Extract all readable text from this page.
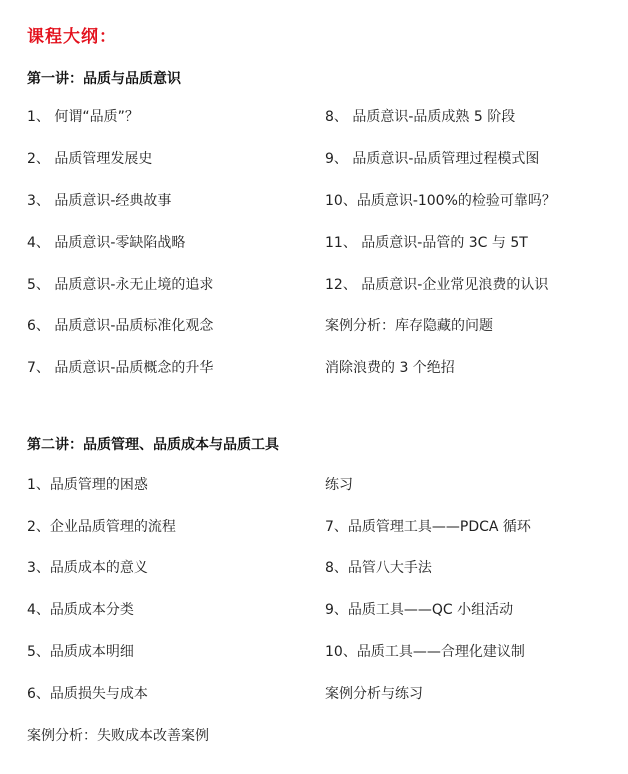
课程大纲：
第一讲：品质与品质意识
1、 何谓“品质”？
2、 品质管理发展史
3、 品质意识-经典故事
4、 品质意识-零缺陷战略
5、 品质意识-永无止境的追求
6、 品质意识-品质标准化观念
7、 品质意识-品质概念的升华
8、 品质意识-品质成熟 5 阶段
9、 品质意识-品质管理过程模式图
10、品质意识-100%的检验可靠吗？
11、 品质意识-品管的 3C 与 5T
12、 品质意识-企业常见浪费的认识
案例分析：库存隐藏的问题
消除浪费的 3 个绝招
第二讲：品质管理、品质成本与品质工具
1、品质管理的困惑
2、企业品质管理的流程
3、品质成本的意义
4、品质成本分类
5、品质成本明细
6、品质损失与成本
案例分析：失败成本改善案例
练习
7、品质管理工具——PDCA 循环
8、品管八大手法
9、品质工具——QC 小组活动
10、品质工具——合理化建议制
案例分析与练习
